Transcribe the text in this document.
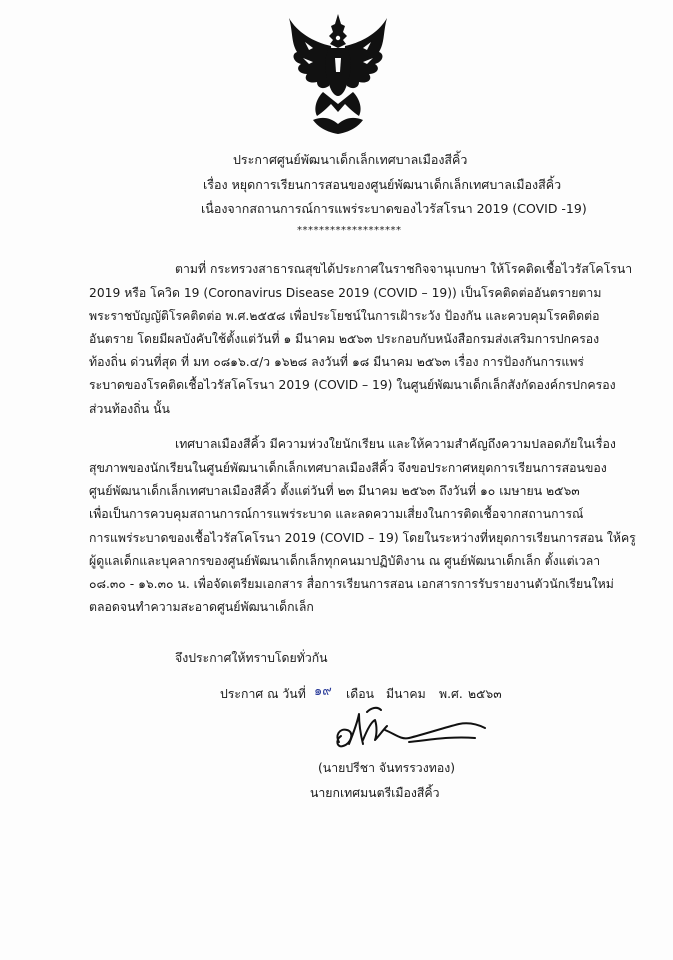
ประกาศศูนย์พัฒนาเด็กเล็กเทศบาลเมืองสีคิ้ว
เรื่อง หยุดการเรียนการสอนของศูนย์พัฒนาเด็กเล็กเทศบาลเมืองสีคิ้ว
เนื่องจากสถานการณ์การแพร่ระบาดของไวรัสโรนา 2019 (COVID -19)
*******************
ตามที่ กระทรวงสาธารณสุขได้ประกาศในราชกิจจานุเบกษา ให้โรคติดเชื้อไวรัสโคโรนา
2019 หรือ โควิด 19 (Coronavirus Disease 2019 (COVID – 19)) เป็นโรคติดต่ออันตรายตาม
พระราชบัญญัติโรคติดต่อ พ.ศ.๒๕๕๘ เพื่อประโยชน์ในการเฝ้าระวัง ป้องกัน และควบคุมโรคติดต่อ
อันตราย โดยมีผลบังคับใช้ตั้งแต่วันที่ ๑ มีนาคม ๒๕๖๓ ประกอบกับหนังสือกรมส่งเสริมการปกครอง
ท้องถิ่น ด่วนที่สุด ที่ มท ๐๘๑๖.๔/ว ๑๖๒๘ ลงวันที่ ๑๘ มีนาคม ๒๕๖๓ เรื่อง การป้องกันการแพร่
ระบาดของโรคติดเชื้อไวรัสโคโรนา 2019 (COVID – 19) ในศูนย์พัฒนาเด็กเล็กสังกัดองค์กรปกครอง
ส่วนท้องถิ่น นั้น
เทศบาลเมืองสีคิ้ว มีความห่วงใยนักเรียน และให้ความสำคัญถึงความปลอดภัยในเรื่อง
สุขภาพของนักเรียนในศูนย์พัฒนาเด็กเล็กเทศบาลเมืองสีคิ้ว จึงขอประกาศหยุดการเรียนการสอนของ
ศูนย์พัฒนาเด็กเล็กเทศบาลเมืองสีคิ้ว ตั้งแต่วันที่ ๒๓ มีนาคม ๒๕๖๓ ถึงวันที่ ๑๐ เมษายน ๒๕๖๓
เพื่อเป็นการควบคุมสถานการณ์การแพร่ระบาด และลดความเสี่ยงในการติดเชื้อจากสถานการณ์
การแพร่ระบาดของเชื้อไวรัสโคโรนา 2019 (COVID – 19) โดยในระหว่างที่หยุดการเรียนการสอน ให้ครู
ผู้ดูแลเด็กและบุคลากรของศูนย์พัฒนาเด็กเล็กทุกคนมาปฏิบัติงาน ณ ศูนย์พัฒนาเด็กเล็ก ตั้งแต่เวลา
๐๘.๓๐ - ๑๖.๓๐ น. เพื่อจัดเตรียมเอกสาร สื่อการเรียนการสอน เอกสารการรับรายงานตัวนักเรียนใหม่
ตลอดจนทำความสะอาดศูนย์พัฒนาเด็กเล็ก
จึงประกาศให้ทราบโดยทั่วกัน
ประกาศ ณ วันที่ ๑๙ เดือน มีนาคม พ.ศ. ๒๕๖๓
(นายปรีชา จันทรรวงทอง)
นายกเทศมนตรีเมืองสีคิ้ว
